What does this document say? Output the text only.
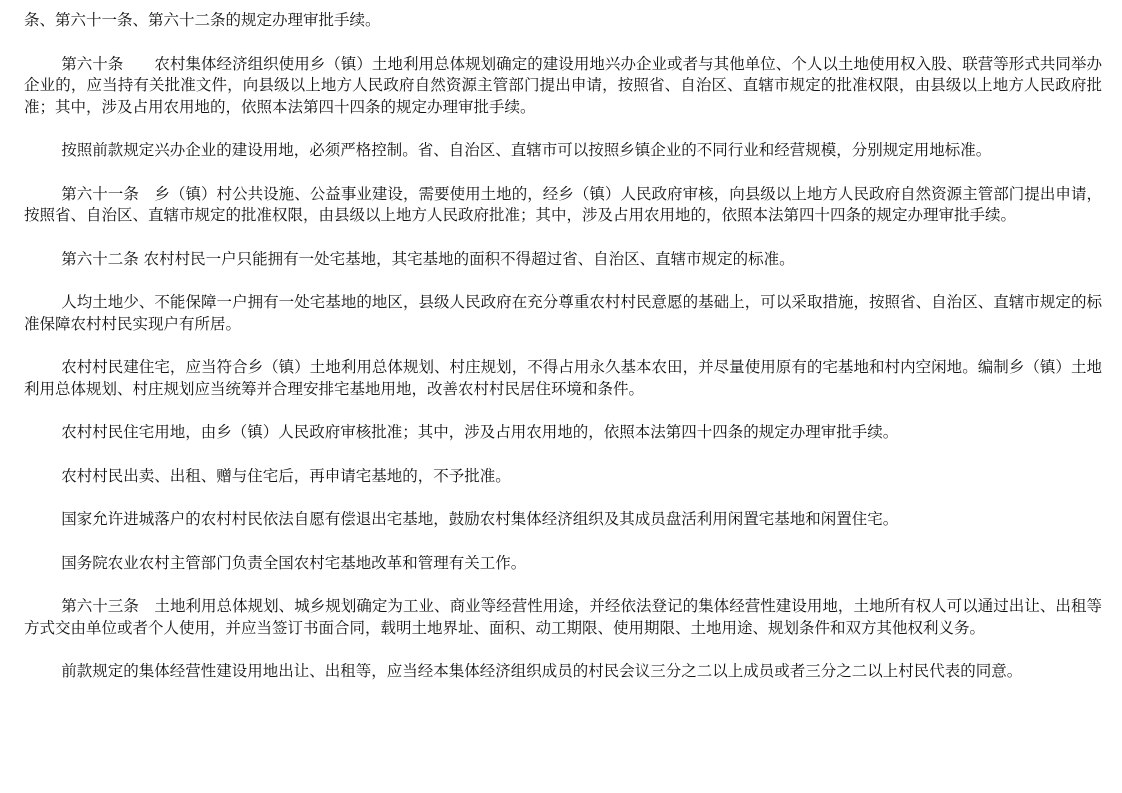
条、第六十一条、第六十二条的规定办理审批手续。

第六十条　　农村集体经济组织使用乡（镇）土地利用总体规划确定的建设用地兴办企业或者与其他单位、个人以土地使用权入股、联营等形式共同举办企业的，应当持有关批准文件，向县级以上地方人民政府自然资源主管部门提出申请，按照省、自治区、直辖市规定的批准权限，由县级以上地方人民政府批准；其中，涉及占用农用地的，依照本法第四十四条的规定办理审批手续。

按照前款规定兴办企业的建设用地，必须严格控制。省、自治区、直辖市可以按照乡镇企业的不同行业和经营规模，分别规定用地标准。

第六十一条　乡（镇）村公共设施、公益事业建设，需要使用土地的，经乡（镇）人民政府审核，向县级以上地方人民政府自然资源主管部门提出申请，按照省、自治区、直辖市规定的批准权限，由县级以上地方人民政府批准；其中，涉及占用农用地的，依照本法第四十四条的规定办理审批手续。

第六十二条 农村村民一户只能拥有一处宅基地，其宅基地的面积不得超过省、自治区、直辖市规定的标准。

人均土地少、不能保障一户拥有一处宅基地的地区，县级人民政府在充分尊重农村村民意愿的基础上，可以采取措施，按照省、自治区、直辖市规定的标准保障农村村民实现户有所居。

农村村民建住宅，应当符合乡（镇）土地利用总体规划、村庄规划，不得占用永久基本农田，并尽量使用原有的宅基地和村内空闲地。编制乡（镇）土地利用总体规划、村庄规划应当统筹并合理安排宅基地用地，改善农村村民居住环境和条件。

农村村民住宅用地，由乡（镇）人民政府审核批准；其中，涉及占用农用地的，依照本法第四十四条的规定办理审批手续。

农村村民出卖、出租、赠与住宅后，再申请宅基地的，不予批准。

国家允许进城落户的农村村民依法自愿有偿退出宅基地，鼓励农村集体经济组织及其成员盘活利用闲置宅基地和闲置住宅。

国务院农业农村主管部门负责全国农村宅基地改革和管理有关工作。

第六十三条　土地利用总体规划、城乡规划确定为工业、商业等经营性用途，并经依法登记的集体经营性建设用地，土地所有权人可以通过出让、出租等方式交由单位或者个人使用，并应当签订书面合同，载明土地界址、面积、动工期限、使用期限、土地用途、规划条件和双方其他权利义务。

前款规定的集体经营性建设用地出让、出租等，应当经本集体经济组织成员的村民会议三分之二以上成员或者三分之二以上村民代表的同意。
